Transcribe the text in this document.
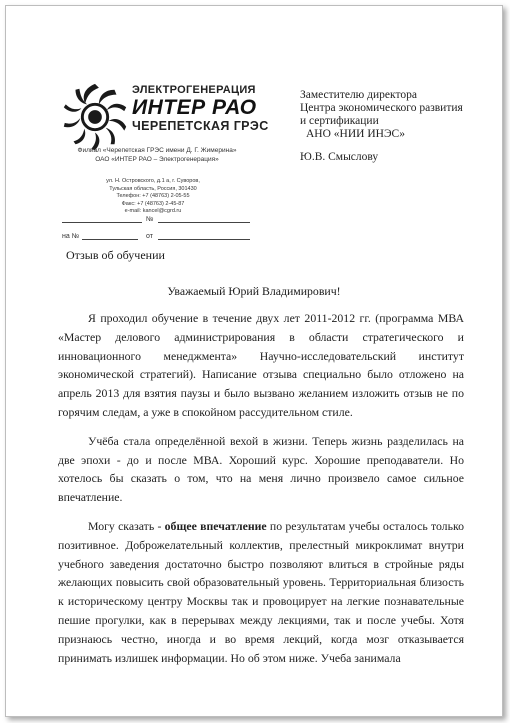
ЭЛЕКТРОГЕНЕРАЦИЯ
ИНТЕР РАО
ЧЕРЕПЕТСКАЯ ГРЭС
Филиал «Черепетская ГРЭС имени Д. Г. Жимерина»
ОАО «ИНТЕР РАО – Электрогенерация»
ул. Н. Островского, д.1 а, г. Суворов,
Тульская область, Россия, 301430
Телефон: +7 (48763) 2-05-55
Факс: +7 (48763) 2-45-87
e-mail: kancel@cgrd.ru
№
на №	от
Заместителю директора
Центра экономического развития
и сертификации
АНО «НИИ ИНЭС»
Ю.В. Смыслову
Отзыв об обучении
Уважаемый Юрий Владимирович!

Я проходил обучение в течение двух лет 2011-2012 гг. (программа МВА «Мастер делового администрирования в области стратегического и инновационного менеджмента» Научно-исследовательский институт экономической стратегий). Написание отзыва специально было отложено на апрель 2013 для взятия паузы и было вызвано желанием изложить отзыв не по горячим следам, а уже в спокойном рассудительном стиле.

Учёба стала определённой вехой в жизни. Теперь жизнь разделилась на две эпохи - до и после МВА. Хороший курс. Хорошие преподаватели. Но хотелось бы сказать о том, что на меня лично произвело самое сильное впечатление.

Могу сказать - общее впечатление по результатам учебы осталось только позитивное. Доброжелательный коллектив, прелестный микроклимат внутри учебного заведения достаточно быстро позволяют влиться в стройные ряды желающих повысить свой образовательный уровень. Территориальная близость к историческому центру Москвы так и провоцирует на легкие познавательные пешие прогулки, как в перерывах между лекциями, так и после учебы. Хотя признаюсь честно, иногда и во время лекций, когда мозг отказывается принимать излишек информации. Но об этом ниже. Учеба занимала
